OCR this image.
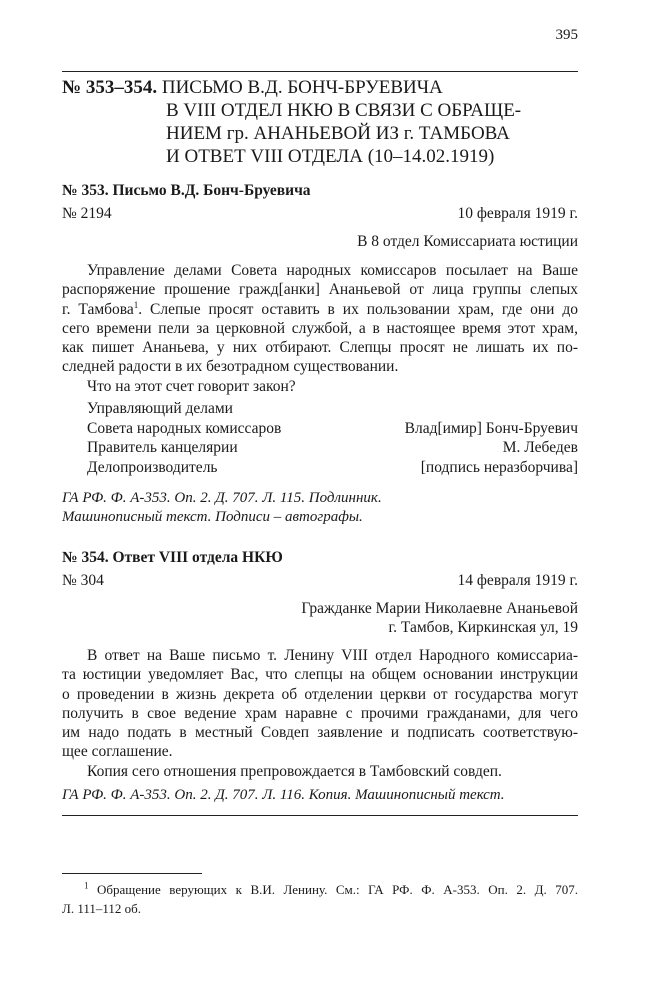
395
№ 353–354. ПИСЬМО В.Д. БОНЧ-БРУЕВИЧА
В VIII ОТДЕЛ НКЮ В СВЯЗИ С ОБРАЩЕ-
НИЕМ гр. АНАНЬЕВОЙ ИЗ г. ТАМБОВА
И ОТВЕТ VIII ОТДЕЛА (10–14.02.1919)
№ 353. Письмо В.Д. Бонч-Бруевича
№ 2194	10 февраля 1919 г.
В 8 отдел Комиссариата юстиции
Управление делами Совета народных комиссаров посылает на Ваше
распоряжение прошение гражд[анки] Ананьевой от лица группы слепых
г. Тамбова$^1$. Слепые просят оставить в их пользовании храм, где они до
сего времени пели за церковной службой, а в настоящее время этот храм,
как пишет Ананьева, у них отбирают. Слепцы просят не лишать их по-
следней радости в их безотрадном существовании.
Что на этот счет говорит закон?
Управляющий делами
Совета народных комиссаров	Влад[имир] Бонч-Бруевич
Правитель канцелярии	М. Лебедев
Делопроизводитель	[подпись неразборчива]
ГА РФ. Ф. А-353. Оп. 2. Д. 707. Л. 115. Подлинник.
Машинописный текст. Подписи – автографы.
№ 354. Ответ VIII отдела НКЮ
№ 304	14 февраля 1919 г.
Гражданке Марии Николаевне Ананьевой
г. Тамбов, Киркинская ул, 19
В ответ на Ваше письмо т. Ленину VIII отдел Народного комиссариа-
та юстиции уведомляет Вас, что слепцы на общем основании инструкции
о проведении в жизнь декрета об отделении церкви от государства могут
получить в свое ведение храм наравне с прочими гражданами, для чего
им надо подать в местный Совдеп заявление и подписать соответствую-
щее соглашение.
Копия сего отношения препровождается в Тамбовский совдеп.
ГА РФ. Ф. А-353. Оп. 2. Д. 707. Л. 116. Копия. Машинописный текст.
$^1$ Обращение верующих к В.И. Ленину. См.: ГА РФ. Ф. А-353. Оп. 2. Д. 707.
Л. 111–112 об.
